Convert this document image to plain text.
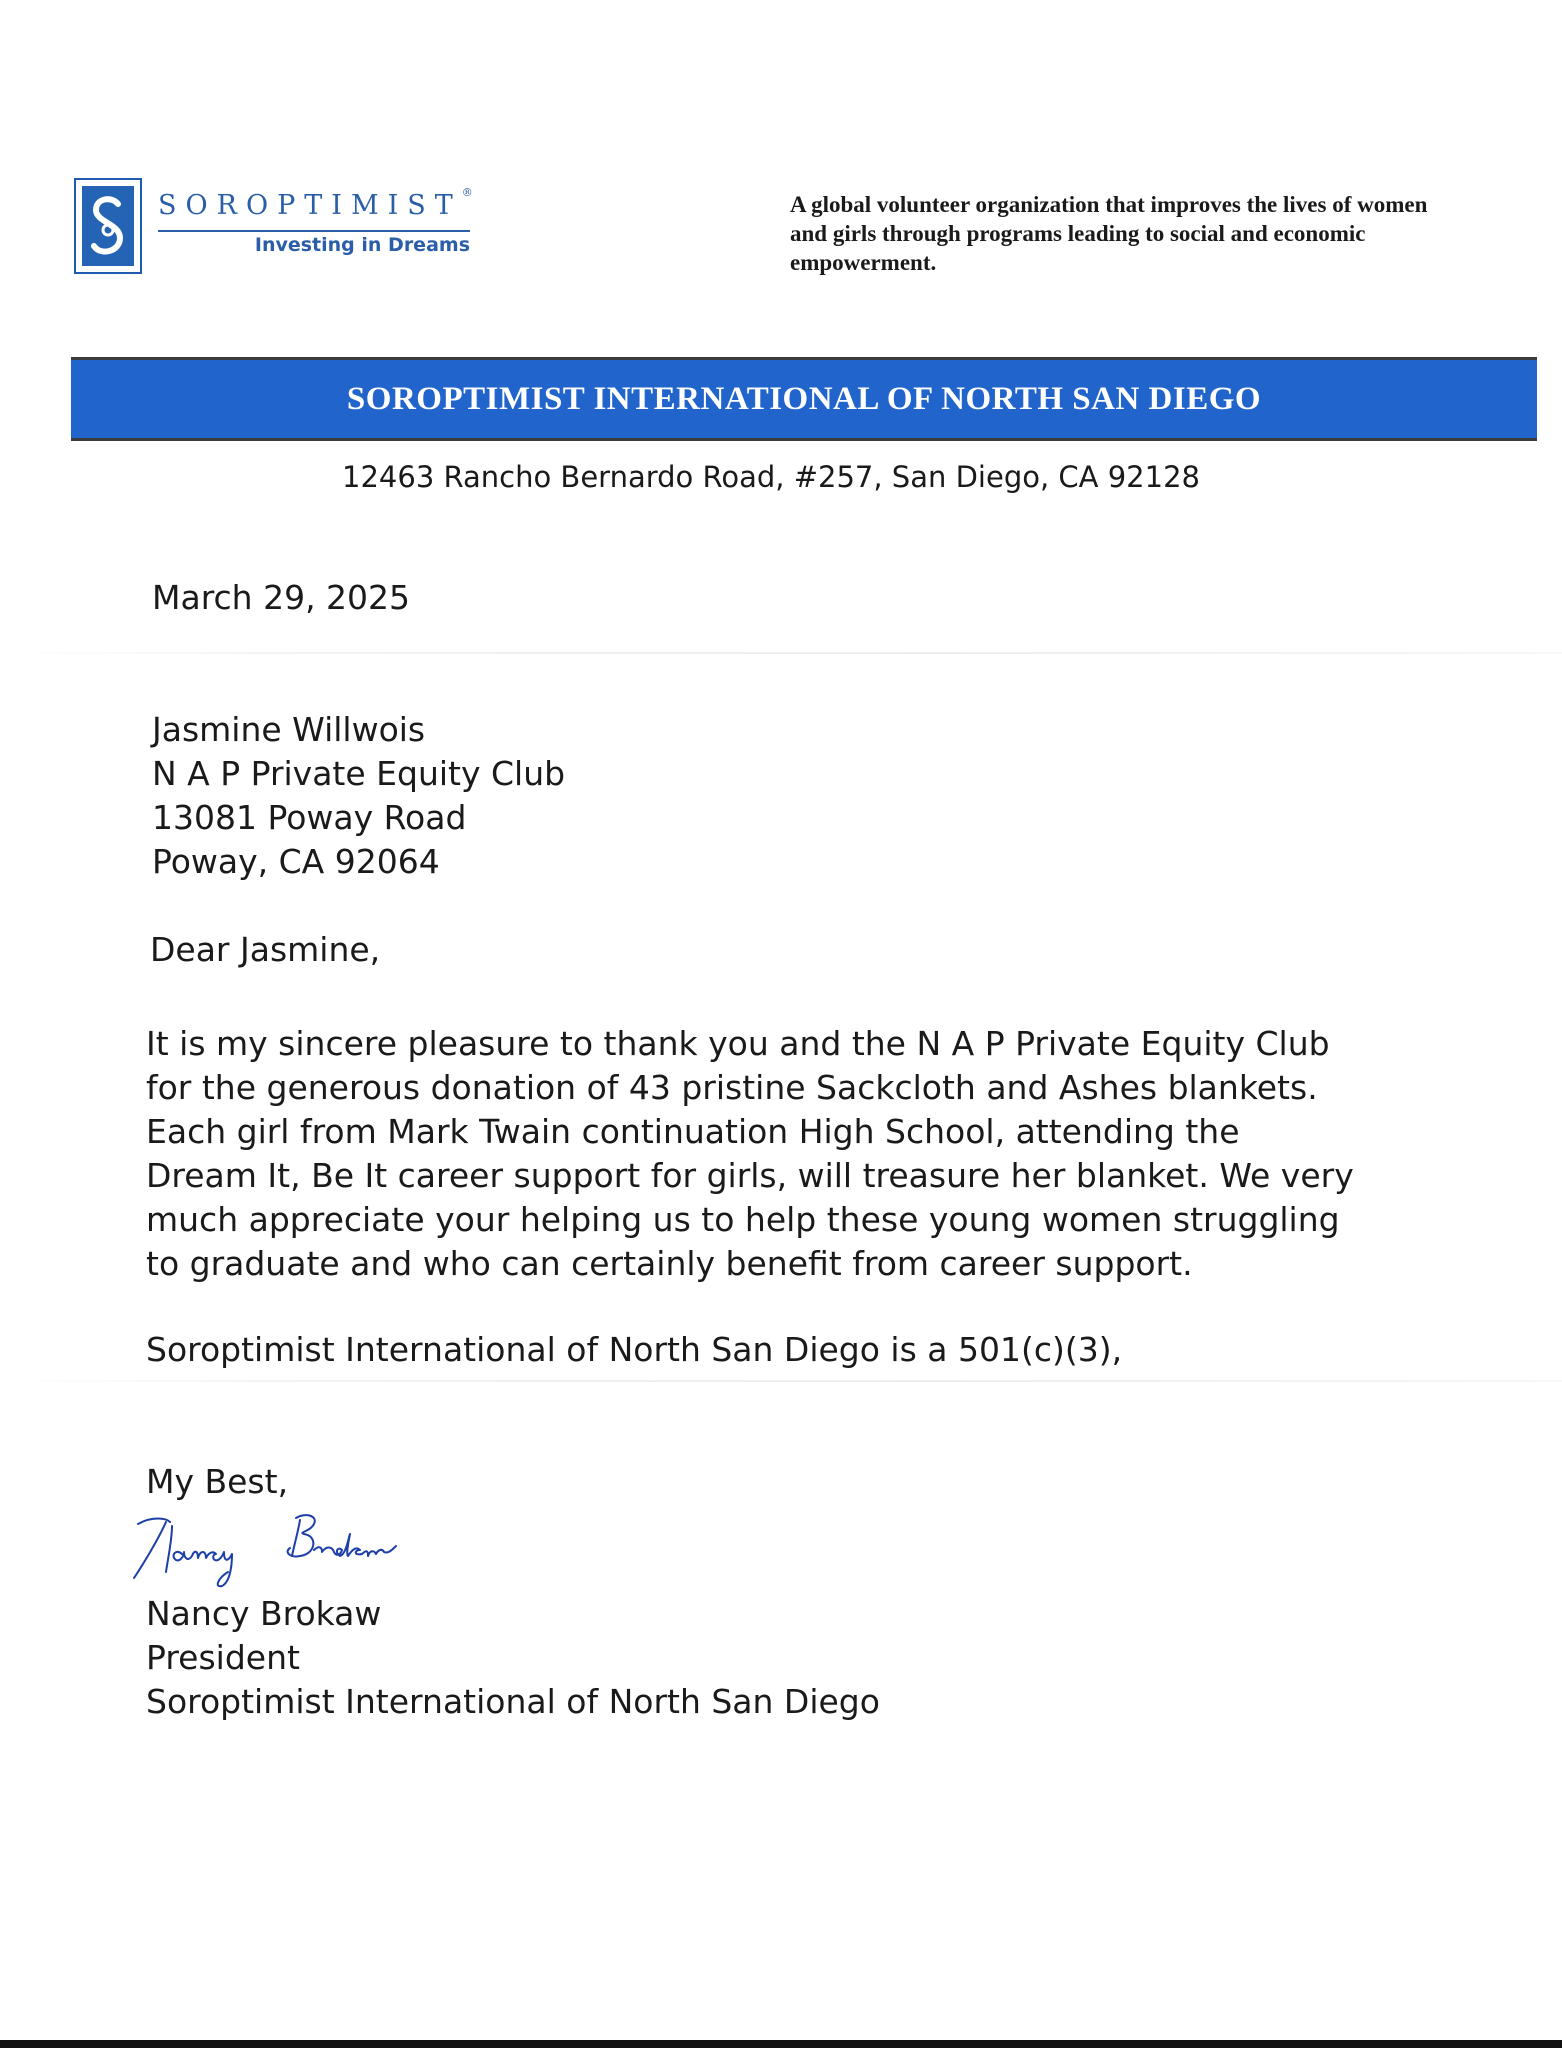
SOROPTIMIST®
Investing in Dreams
A global volunteer organization that improves the lives of women and girls through programs leading to social and economic empowerment.
SOROPTIMIST INTERNATIONAL OF NORTH SAN DIEGO
12463 Rancho Bernardo Road, #257, San Diego, CA 92128
March 29, 2025
Jasmine Willwois
N A P Private Equity Club
13081 Poway Road
Poway, CA 92064
Dear Jasmine,
It is my sincere pleasure to thank you and the N A P Private Equity Club
for the generous donation of 43 pristine Sackcloth and Ashes blankets.
Each girl from Mark Twain continuation High School, attending the
Dream It, Be It career support for girls, will treasure her blanket. We very
much appreciate your helping us to help these young women struggling
to graduate and who can certainly benefit from career support.
Soroptimist International of North San Diego is a 501(c)(3),
My Best,
Nancy Brokaw
President
Soroptimist International of North San Diego
